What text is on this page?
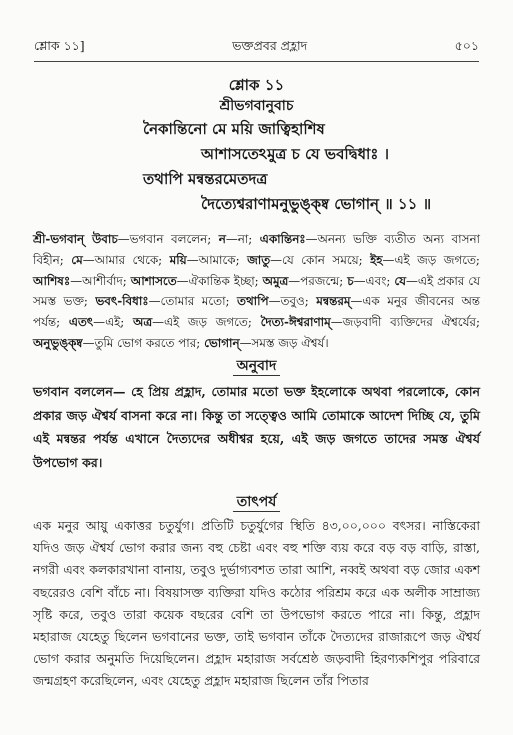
শ্লোক ১১]	ভক্তপ্রবর প্রহ্লাদ	৫০১
শ্লোক ১১
শ্রীভগবানুবাচ
নৈকান্তিনো মে ময়ি জাত্বিহাশিষ
আশাসতেঽমুত্র চ যে ভবদ্বিধাঃ ।
তথাপি মন্বন্তরমেতদত্র
দৈত্যেশ্বরাণামনুভুঙ্ক্ষ্ব ভোগান্‌ ॥ ১১ ॥
শ্রী-ভগবান্ উবাচ—ভগবান বললেন; ন—না; একান্তিনঃ—অনন্য ভক্তি ব্যতীত অন্য বাসনা বিহীন; মে—আমার থেকে; ময়ি—আমাকে; জাতু—যে কোন সময়ে; ইহ—এই জড় জগতে; আশিষঃ—আশীর্বাদ; আশাসতে—ঐকান্তিক ইচ্ছা; অমুত্র—পরজন্মে; চ—এবং; যে—এই প্রকার যে সমস্ত ভক্ত; ভবৎ-বিধাঃ—তোমার মতো; তথাপি—তবুও; মন্বন্তরম্—এক মনুর জীবনের অন্ত পর্যন্ত; এতৎ—এই; অত্র—এই জড় জগতে; দৈত্য-ঈশ্বরাণাম্—জড়বাদী ব্যক্তিদের ঐশ্বর্যের; অনুভুঙ্ক্ষ্ব—তুমি ভোগ করতে পার; ভোগান্—সমস্ত জড় ঐশ্বর্য।
অনুবাদ
ভগবান বললেন— হে প্রিয় প্রহ্লাদ, তোমার মতো ভক্ত ইহলোকে অথবা পরলোকে, কোন প্রকার জড় ঐশ্বর্য বাসনা করে না। কিন্তু তা সত্ত্বেও আমি তোমাকে আদেশ দিচ্ছি যে, তুমি এই মন্বন্তর পর্যন্ত এখানে দৈত্যদের অধীশ্বর হয়ে, এই জড় জগতে তাদের সমস্ত ঐশ্বর্য উপভোগ কর।
তাৎপর্য
এক মনুর আয়ু একাত্তর চতুর্যুগ। প্রতিটি চতুর্যুগের স্থিতি ৪৩,০০,০০০ বৎসর। নাস্তিকেরা যদিও জড় ঐশ্বর্য ভোগ করার জন্য বহু চেষ্টা এবং বহু শক্তি ব্যয় করে বড় বড় বাড়ি, রাস্তা, নগরী এবং কলকারখানা বানায়, তবুও দুর্ভাগ্যবশত তারা আশি, নব্বই অথবা বড় জোর একশ বছরেরও বেশি বাঁচে না। বিষয়াসক্ত ব্যক্তিরা যদিও কঠোর পরিশ্রম করে এক অলীক সাম্রাজ্য সৃষ্টি করে, তবুও তারা কয়েক বছরের বেশি তা উপভোগ করতে পারে না। কিন্তু, প্রহ্লাদ মহারাজ যেহেতু ছিলেন ভগবানের ভক্ত, তাই ভগবান তাঁকে দৈত্যদের রাজারূপে জড় ঐশ্বর্য ভোগ করার অনুমতি দিয়েছিলেন। প্রহ্লাদ মহারাজ সর্বশ্রেষ্ঠ জড়বাদী হিরণ্যকশিপুর পরিবারে জন্মগ্রহণ করেছিলেন, এবং যেহেতু প্রহ্লাদ মহারাজ ছিলেন তাঁর পিতার
